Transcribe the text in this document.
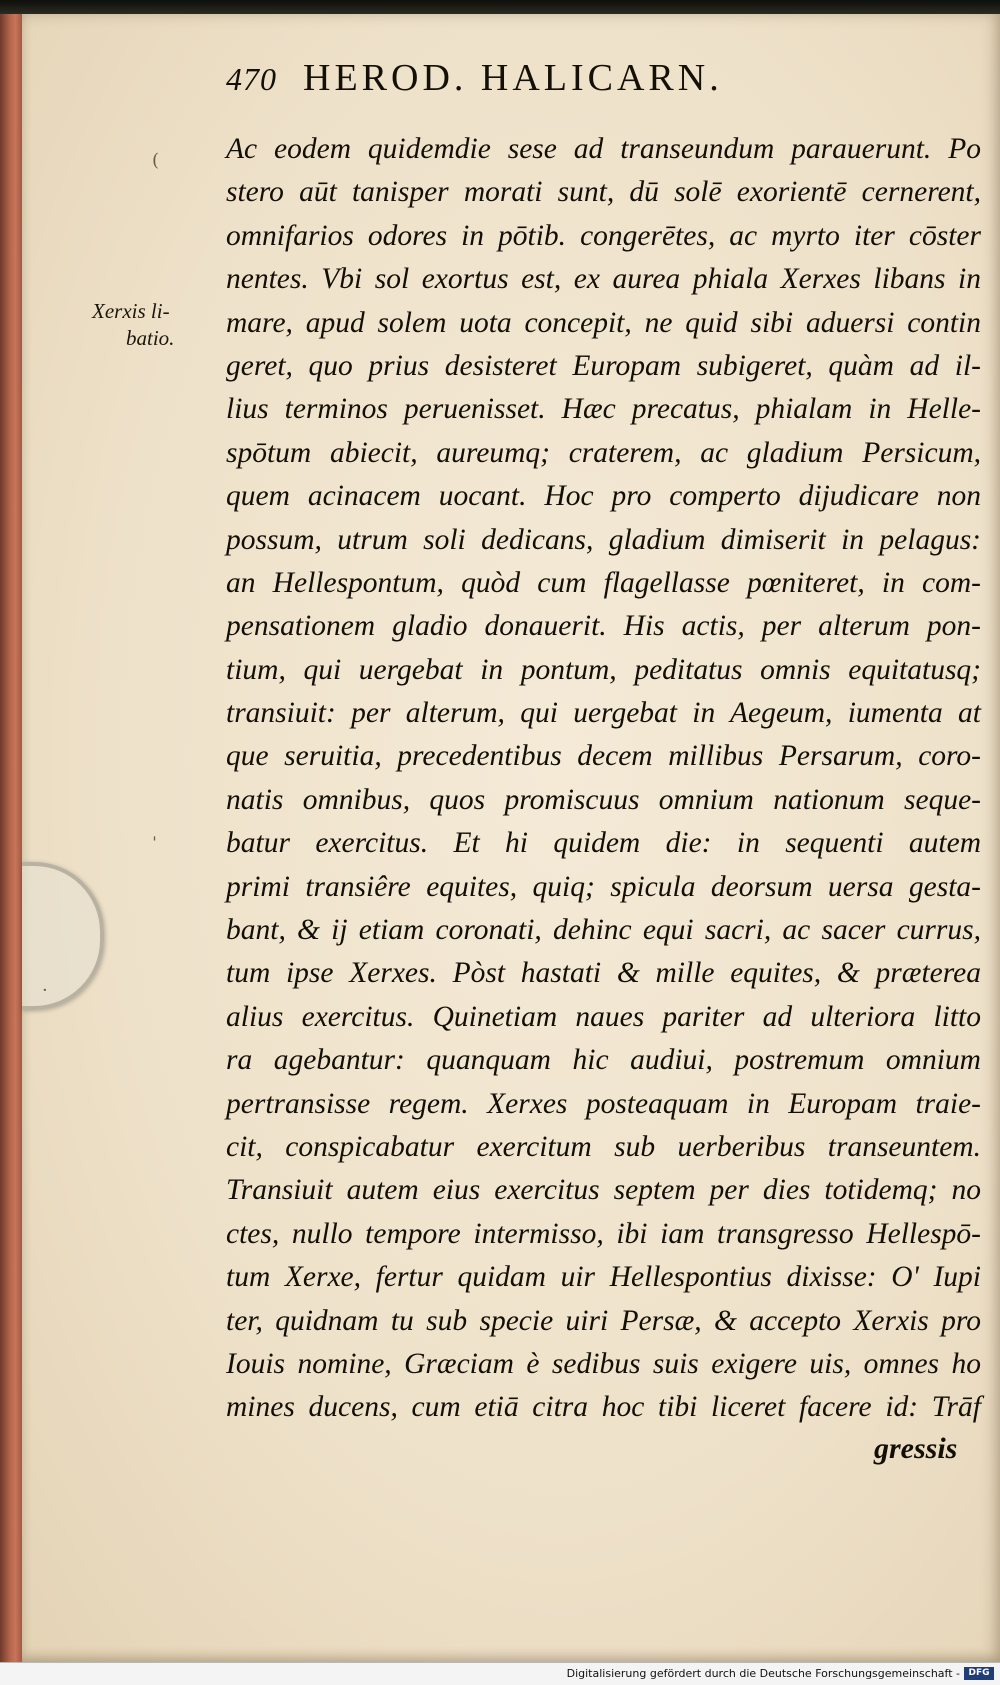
(
ˈ
·
470 HEROD. HALICARN.
Xerxis li-
batio.
Ac eodem quidemdie sese ad transeundum parauerunt. Po
stero aūt tanisper morati sunt, dū solē exorientē cernerent,
omnifarios odores in pōtib. congerētes, ac myrto iter cōster
nentes. Vbi sol exortus est, ex aurea phiala Xerxes libans in
mare, apud solem uota concepit, ne quid sibi aduersi contin
geret, quo prius desisteret Europam subigeret, quàm ad il-
lius terminos peruenisset. Hæc precatus, phialam in Helle-
spōtum abiecit, aureumq; craterem, ac gladium Persicum,
quem acinacem uocant. Hoc pro comperto dijudicare non
possum, utrum soli dedicans, gladium dimiserit in pelagus:
an Hellespontum, quòd cum flagellasse pœniteret, in com-
pensationem gladio donauerit. His actis, per alterum pon-
tium, qui uergebat in pontum, peditatus omnis equitatusq;
transiuit: per alterum, qui uergebat in Aegeum, iumenta at
que seruitia, precedentibus decem millibus Persarum, coro-
natis omnibus, quos promiscuus omnium nationum seque-
batur exercitus. Et hi quidem die: in sequenti autem
primi transiêre equites, quiq; spicula deorsum uersa gesta-
bant, & ij etiam coronati, dehinc equi sacri, ac sacer currus,
tum ipse Xerxes. Pòst hastati & mille equites, & præterea
alius exercitus. Quinetiam naues pariter ad ulteriora litto
ra agebantur: quanquam hic audiui, postremum omnium
pertransisse regem. Xerxes posteaquam in Europam traie-
cit, conspicabatur exercitum sub uerberibus transeuntem.
Transiuit autem eius exercitus septem per dies totidemq; no
ctes, nullo tempore intermisso, ibi iam transgresso Hellespō-
tum Xerxe, fertur quidam uir Hellespontius dixisse: O' Iupi
ter, quidnam tu sub specie uiri Persæ, & accepto Xerxis pro
Iouis nomine, Græciam è sedibus suis exigere uis, omnes ho
mines ducens, cum etiā citra hoc tibi liceret facere id: Trāf
gressis
Digitalisierung gefördert durch die Deutsche Forschungsgemeinschaft - DFG
